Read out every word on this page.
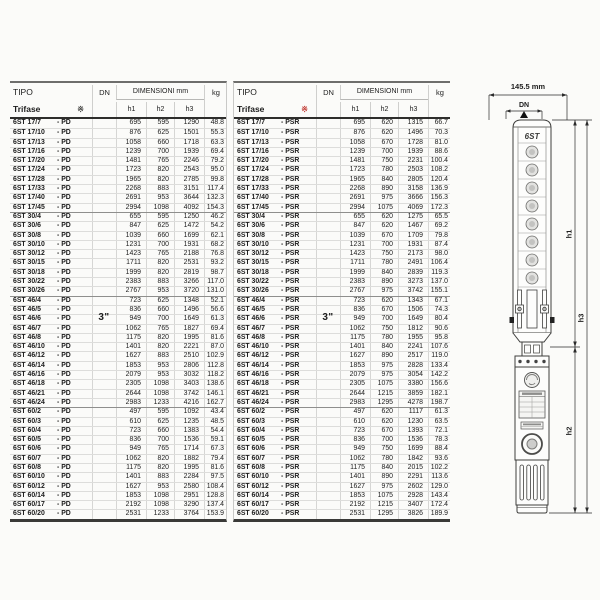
TIPO	DN	DIMENSIONI mm	kg
Trifase	※	h1	h2	h3
6ST 17/7 - PD	695	595	1290	48.8
6ST 17/10 - PD	876	625	1501	55.3
6ST 17/13 - PD	1058	660	1718	63.3
6ST 17/16 - PD	1239	700	1939	69.4
6ST 17/20 - PD	1481	765	2246	79.2
6ST 17/24 - PD	1723	820	2543	95.0
6ST 17/28 - PD	1965	820	2785	99.8
6ST 17/33 - PD	2268	883	3151	117.4
6ST 17/40 - PD	2691	953	3644	132.3
6ST 17/45 - PD	2994	1098	4092	154.3
6ST 30/4 - PD	655	595	1250	46.2
6ST 30/6 - PD	847	625	1472	54.2
6ST 30/8 - PD	1039	660	1699	62.1
6ST 30/10 - PD	1231	700	1931	68.2
6ST 30/12 - PD	1423	765	2188	76.8
6ST 30/15 - PD	1711	820	2531	93.2
6ST 30/18 - PD	1999	820	2819	98.7
6ST 30/22 - PD	2383	883	3266	117.0
6ST 30/26 - PD	2767	953	3720	131.0
6ST 46/4 - PD	723	625	1348	52.1
6ST 46/5 - PD	836	660	1496	56.6
6ST 46/6 - PD	949	700	1649	61.3
6ST 46/7 - PD	1062	765	1827	69.4
6ST 46/8 - PD	1175	820	1995	81.6
6ST 46/10 - PD	1401	820	2221	87.0
6ST 46/12 - PD	1627	883	2510	102.9
6ST 46/14 - PD	1853	953	2806	112.8
6ST 46/16 - PD	2079	953	3032	118.2
6ST 46/18 - PD	2305	1098	3403	138.6
6ST 46/21 - PD	2644	1098	3742	146.1
6ST 46/24 - PD	2983	1233	4216	162.7
6ST 60/2 - PD	497	595	1092	43.4
6ST 60/3 - PD	610	625	1235	48.5
6ST 60/4 - PD	723	660	1383	54.4
6ST 60/5 - PD	836	700	1536	59.1
6ST 60/6 - PD	949	765	1714	67.3
6ST 60/7 - PD	1062	820	1882	79.4
6ST 60/8 - PD	1175	820	1995	81.6
6ST 60/10 - PD	1401	883	2284	97.5
6ST 60/12 - PD	1627	953	2580	108.4
6ST 60/14 - PD	1853	1098	2951	128.8
6ST 60/17 - PD	2192	1098	3290	137.4
6ST 60/20 - PD	2531	1233	3764	153.9
3"
TIPO	DN	DIMENSIONI mm	kg
Trifase	※	h1	h2	h3
6ST 17/7 - PSR	695	620	1315	66.7
6ST 17/10 - PSR	876	620	1496	70.3
6ST 17/13 - PSR	1058	670	1728	81.0
6ST 17/16 - PSR	1239	700	1939	88.6
6ST 17/20 - PSR	1481	750	2231	100.4
6ST 17/24 - PSR	1723	780	2503	108.2
6ST 17/28 - PSR	1965	840	2805	120.4
6ST 17/33 - PSR	2268	890	3158	136.9
6ST 17/40 - PSR	2691	975	3666	156.3
6ST 17/45 - PSR	2994	1075	4069	172.3
6ST 30/4 - PSR	655	620	1275	65.5
6ST 30/6 - PSR	847	620	1467	69.2
6ST 30/8 - PSR	1039	670	1709	79.8
6ST 30/10 - PSR	1231	700	1931	87.4
6ST 30/12 - PSR	1423	750	2173	98.0
6ST 30/15 - PSR	1711	780	2491	106.4
6ST 30/18 - PSR	1999	840	2839	119.3
6ST 30/22 - PSR	2383	890	3273	137.0
6ST 30/26 - PSR	2767	975	3742	155.1
6ST 46/4 - PSR	723	620	1343	67.1
6ST 46/5 - PSR	836	670	1506	74.3
6ST 46/6 - PSR	949	700	1649	80.4
6ST 46/7 - PSR	1062	750	1812	90.6
6ST 46/8 - PSR	1175	780	1955	95.8
6ST 46/10 - PSR	1401	840	2241	107.6
6ST 46/12 - PSR	1627	890	2517	119.0
6ST 46/14 - PSR	1853	975	2828	133.4
6ST 46/16 - PSR	2079	975	3054	142.2
6ST 46/18 - PSR	2305	1075	3380	156.6
6ST 46/21 - PSR	2644	1215	3859	182.1
6ST 46/24 - PSR	2983	1295	4278	198.7
6ST 60/2 - PSR	497	620	1117	61.3
6ST 60/3 - PSR	610	620	1230	63.5
6ST 60/4 - PSR	723	670	1393	72.1
6ST 60/5 - PSR	836	700	1536	78.3
6ST 60/6 - PSR	949	750	1699	88.4
6ST 60/7 - PSR	1062	780	1842	93.6
6ST 60/8 - PSR	1175	840	2015	102.2
6ST 60/10 - PSR	1401	890	2291	113.6
6ST 60/12 - PSR	1627	975	2602	129.0
6ST 60/14 - PSR	1853	1075	2928	143.4
6ST 60/17 - PSR	2192	1215	3407	172.4
6ST 60/20 - PSR	2531	1295	3826	189.9
3"
145.5 mm
DN
6ST
h1
h2
h3
